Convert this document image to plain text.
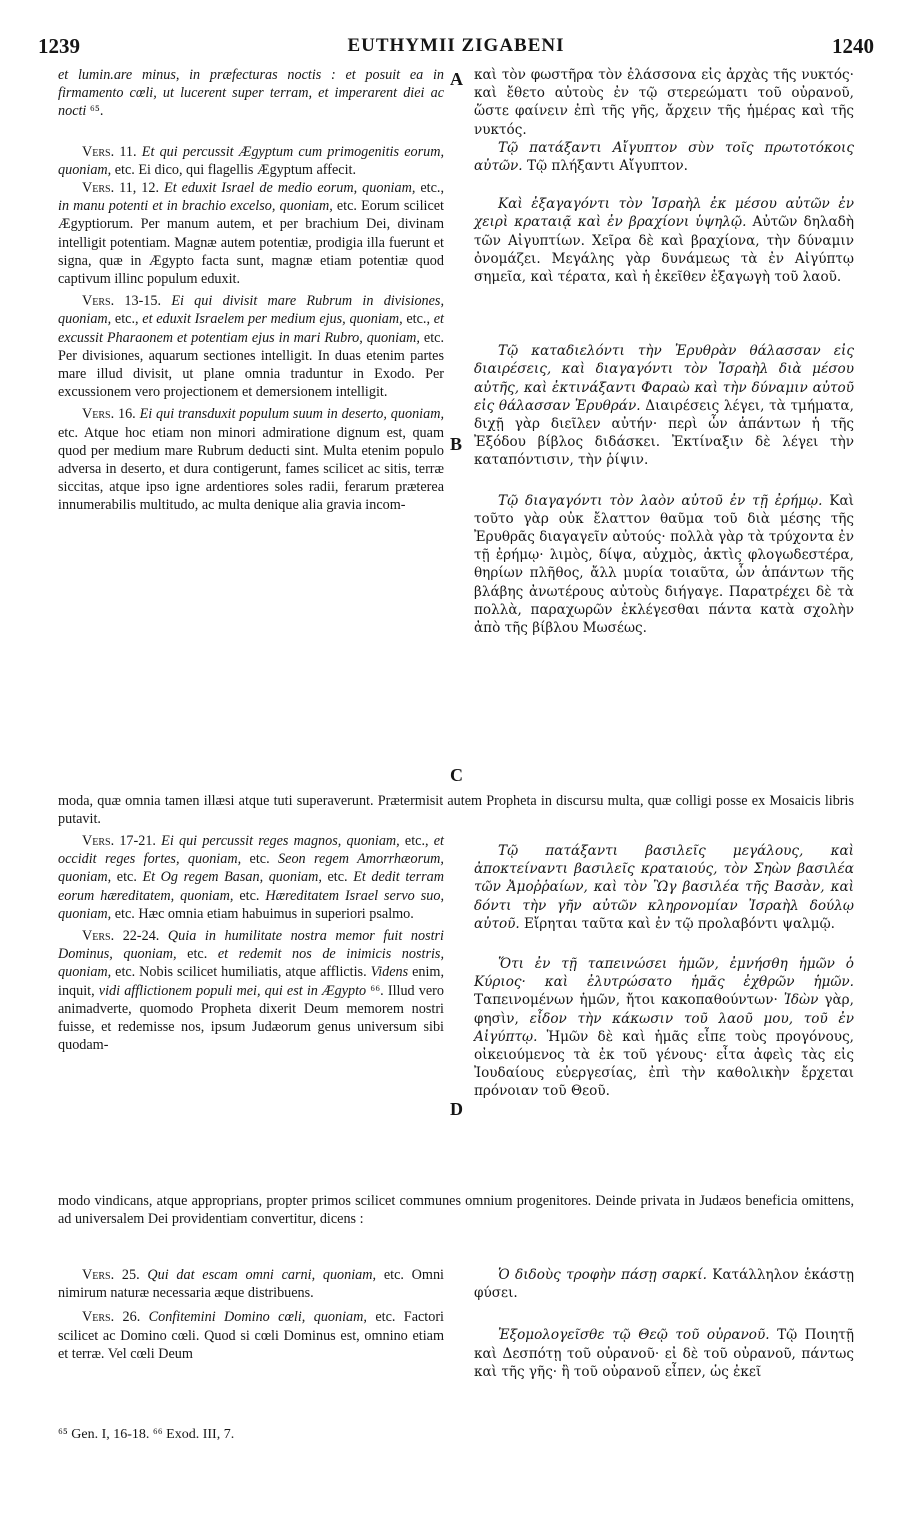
1239	EUTHYMII ZIGABENI	1240
A
B
C
D

et lumin.are minus, in præfecturas noctis : et posuit ea in firmamento cœli, ut lucerent super terram, et imperarent diei ac nocti ⁶⁵.

Vers. 11. Et qui percussit Ægyptum cum primogenitis eorum, quoniam, etc. Ei dico, qui flagellis Ægyptum affecit.

Vers. 11, 12. Et eduxit Israel de medio eorum, quoniam, etc., in manu potenti et in brachio excelso, quoniam, etc. Eorum scilicet Ægyptiorum. Per manum autem, et per brachium Dei, divinam intelligit potentiam. Magnæ autem potentiæ, prodigia illa fuerunt et signa, quæ in Ægypto facta sunt, magnæ etiam potentiæ quod captivum illinc populum eduxit.

Vers. 13-15. Ei qui divisit mare Rubrum in divisiones, quoniam, etc., et eduxit Israelem per medium ejus, quoniam, etc., et excussit Pharaonem et potentiam ejus in mari Rubro, quoniam, etc. Per divisiones, aquarum sectiones intelligit. In duas etenim partes mare illud divisit, ut plane omnia traduntur in Exodo. Per excussionem vero projectionem et demersionem intelligit.

Vers. 16. Ei qui transduxit populum suum in deserto, quoniam, etc. Atque hoc etiam non minori admiratione dignum est, quam quod per medium mare Rubrum deducti sint. Multa etenim populo adversa in deserto, et dura contigerunt, fames scilicet ac sitis, terræ siccitas, atque ipso igne ardentiores soles radii, ferarum præterea innumerabilis multitudo, ac multa denique alia gravia incom-

καὶ τὸν φωστῆρα τὸν ἐλάσσονα εἰς ἀρχὰς τῆς νυκτός· καὶ ἔθετο αὐτοὺς ἐν τῷ στερεώματι τοῦ οὐρανοῦ, ὥστε φαίνειν ἐπὶ τῆς γῆς, ἄρχειν τῆς ἡμέρας καὶ τῆς νυκτός.

Τῷ πατάξαντι Αἴγυπτον σὺν τοῖς πρωτοτόκοις αὐτῶν. Τῷ πλήξαντι Αἴγυπτον.

Καὶ ἐξαγαγόντι τὸν Ἰσραὴλ ἐκ μέσου αὐτῶν ἐν χειρὶ κραταιᾷ καὶ ἐν βραχίονι ὑψηλῷ. Αὐτῶν δηλαδὴ τῶν Αἰγυπτίων. Χεῖρα δὲ καὶ βραχίονα, τὴν δύναμιν ὀνομάζει. Μεγάλης γὰρ δυνάμεως τὰ ἐν Αἰγύπτῳ σημεῖα, καὶ τέρατα, καὶ ἡ ἐκεῖθεν ἐξαγωγὴ τοῦ λαοῦ.

Τῷ καταδιελόντι τὴν Ἐρυθρὰν θάλασσαν εἰς διαιρέσεις, καὶ διαγαγόντι τὸν Ἰσραὴλ διὰ μέσου αὐτῆς, καὶ ἐκτινάξαντι Φαραὼ καὶ τὴν δύναμιν αὐτοῦ εἰς θάλασσαν Ἐρυθράν. Διαιρέσεις λέγει, τὰ τμήματα, διχῇ γὰρ διεῖλεν αὐτήν· περὶ ὧν ἁπάντων ἡ τῆς Ἐξόδου βίβλος διδάσκει. Ἐκτίναξιν δὲ λέγει τὴν καταπόντισιν, τὴν ῥίψιν.

Τῷ διαγαγόντι τὸν λαὸν αὐτοῦ ἐν τῇ ἐρήμῳ. Καὶ τοῦτο γὰρ οὐκ ἔλαττον θαῦμα τοῦ διὰ μέσης τῆς Ἐρυθρᾶς διαγαγεῖν αὐτούς· πολλὰ γὰρ τὰ τρύχοντα ἐν τῇ ἐρήμῳ· λιμὸς, δίψα, αὐχμὸς, ἀκτὶς φλογωδεστέρα, θηρίων πλῆθος, ἄλλ μυρία τοιαῦτα, ὧν ἁπάντων τῆς βλάβης ἀνωτέρους αὐτοὺς διήγαγε. Παρατρέχει δὲ τὰ πολλὰ, παραχωρῶν ἐκλέγεσθαι πάντα κατὰ σχολὴν ἀπὸ τῆς βίβλου Μωσέως.

moda, quæ omnia tamen illæsi atque tuti superaverunt. Prætermisit autem Propheta in discursu multa, quæ colligi posse ex Mosaicis libris putavit.

Vers. 17-21. Ei qui percussit reges magnos, quoniam, etc., et occidit reges fortes, quoniam, etc. Seon regem Amorrhæorum, quoniam, etc. Et Og regem Basan, quoniam, etc. Et dedit terram eorum hæreditatem, quoniam, etc. Hæreditatem Israel servo suo, quoniam, etc. Hæc omnia etiam habuimus in superiori psalmo.

Vers. 22-24. Quia in humilitate nostra memor fuit nostri Dominus, quoniam, etc. et redemit nos de inimicis nostris, quoniam, etc. Nobis scilicet humiliatis, atque afflictis. Videns enim, inquit, vidi afflictionem populi mei, qui est in Ægypto ⁶⁶. Illud vero animadverte, quomodo Propheta dixerit Deum memorem nostri fuisse, et redemisse nos, ipsum Judæorum genus universum sibi quodam-

Τῷ πατάξαντι βασιλεῖς μεγάλους, καὶ ἀποκτείναντι βασιλεῖς κραταιούς, τὸν Σηὼν βασιλέα τῶν Ἀμοῤῥαίων, καὶ τὸν Ὢγ βασιλέα τῆς Βασὰν, καὶ δόντι τὴν γῆν αὐτῶν κληρονομίαν Ἰσραὴλ δούλῳ αὐτοῦ. Εἴρηται ταῦτα καὶ ἐν τῷ προλαβόντι ψαλμῷ.

Ὅτι ἐν τῇ ταπεινώσει ἡμῶν, ἐμνήσθη ἡμῶν ὁ Κύριος· καὶ ἐλυτρώσατο ἡμᾶς ἐχθρῶν ἡμῶν. Ταπεινομένων ἡμῶν, ἤτοι κακοπαθούντων· Ἰδὼν γὰρ, φησὶν, εἶδον τὴν κάκωσιν τοῦ λαοῦ μου, τοῦ ἐν Αἰγύπτῳ. Ἡμῶν δὲ καὶ ἡμᾶς εἶπε τοὺς προγόνους, οἰκειούμενος τὰ ἐκ τοῦ γένους· εἶτα ἀφεὶς τὰς εἰς Ἰουδαίους εὐεργεσίας, ἐπὶ τὴν καθολικὴν ἔρχεται πρόνοιαν τοῦ Θεοῦ.

modo vindicans, atque approprians, propter primos scilicet communes omnium progenitores. Deinde privata in Judæos beneficia omittens, ad universalem Dei providentiam convertitur, dicens :

Vers. 25. Qui dat escam omni carni, quoniam, etc. Omni nimirum naturæ necessaria æque distribuens.

Vers. 26. Confitemini Domino cœli, quoniam, etc. Factori scilicet ac Domino cœli. Quod si cœli Dominus est, omnino etiam et terræ. Vel cœli Deum

Ὁ διδοὺς τροφὴν πάσῃ σαρκί. Κατάλληλον ἑκάστῃ φύσει.

Ἐξομολογεῖσθε τῷ Θεῷ τοῦ οὐρανοῦ. Τῷ Ποιητῇ καὶ Δεσπότῃ τοῦ οὐρανοῦ· εἰ δὲ τοῦ οὐρανοῦ, πάντως καὶ τῆς γῆς· ἢ τοῦ οὐρανοῦ εἶπεν, ὡς ἐκεῖ

⁶⁵ Gen. I, 16-18. ⁶⁶ Exod. III, 7.
